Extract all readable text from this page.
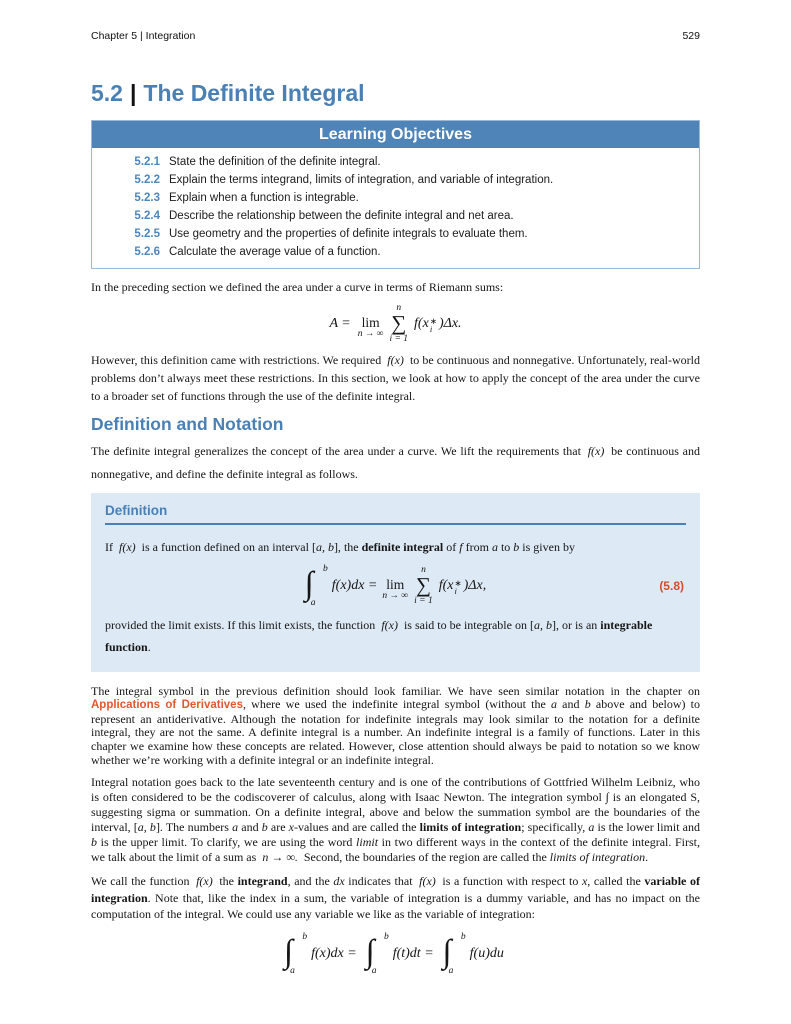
Chapter 5 | Integration	529
5.2 | The Definite Integral
Learning Objectives
5.2.1 State the definition of the definite integral.
5.2.2 Explain the terms integrand, limits of integration, and variable of integration.
5.2.3 Explain when a function is integrable.
5.2.4 Describe the relationship between the definite integral and net area.
5.2.5 Use geometry and the properties of definite integrals to evaluate them.
5.2.6 Calculate the average value of a function.

In the preceding section we defined the area under a curve in terms of Riemann sums:

A = lim
n → ∞
n
∑
i = 1
f(x ∗
i )Δx.

However, this definition came with restrictions. We required f(x) to be continuous and nonnegative. Unfortunately, real-world problems don’t always meet these restrictions. In this section, we look at how to apply the concept of the area under the curve to a broader set of functions through the use of the definite integral.

Definition and Notation

The definite integral generalizes the concept of the area under a curve. We lift the requirements that f(x) be continuous and nonnegative, and define the definite integral as follows.

Definition

If f(x) is a function defined on an interval [a, b], the definite integral of f from a to b is given by

∫ b
a
f(x)dx = lim
n → ∞
n
∑
i = 1
f(x ∗
i )Δx,	(5.8)

provided the limit exists. If this limit exists, the function f(x) is said to be integrable on [a, b], or is an integrable function.

The integral symbol in the previous definition should look familiar. We have seen similar notation in the chapter on Applications of Derivatives, where we used the indefinite integral symbol (without the a and b above and below) to represent an antiderivative. Although the notation for indefinite integrals may look similar to the notation for a definite integral, they are not the same. A definite integral is a number. An indefinite integral is a family of functions. Later in this chapter we examine how these concepts are related. However, close attention should always be paid to notation so we know whether we’re working with a definite integral or an indefinite integral.

Integral notation goes back to the late seventeenth century and is one of the contributions of Gottfried Wilhelm Leibniz, who is often considered to be the codiscoverer of calculus, along with Isaac Newton. The integration symbol ∫ is an elongated S, suggesting sigma or summation. On a definite integral, above and below the summation symbol are the boundaries of the interval, [a, b]. The numbers a and b are x-values and are called the limits of integration; specifically, a is the lower limit and b is the upper limit. To clarify, we are using the word limit in two different ways in the context of the definite integral. First, we talk about the limit of a sum as n → ∞. Second, the boundaries of the region are called the limits of integration.

We call the function f(x) the integrand, and the dx indicates that f(x) is a function with respect to x, called the variable of integration. Note that, like the index in a sum, the variable of integration is a dummy variable, and has no impact on the computation of the integral. We could use any variable we like as the variable of integration:

∫ b
a
f(x)dx = ∫ b
a
f(t)dt = ∫ b
a
f(u)du
